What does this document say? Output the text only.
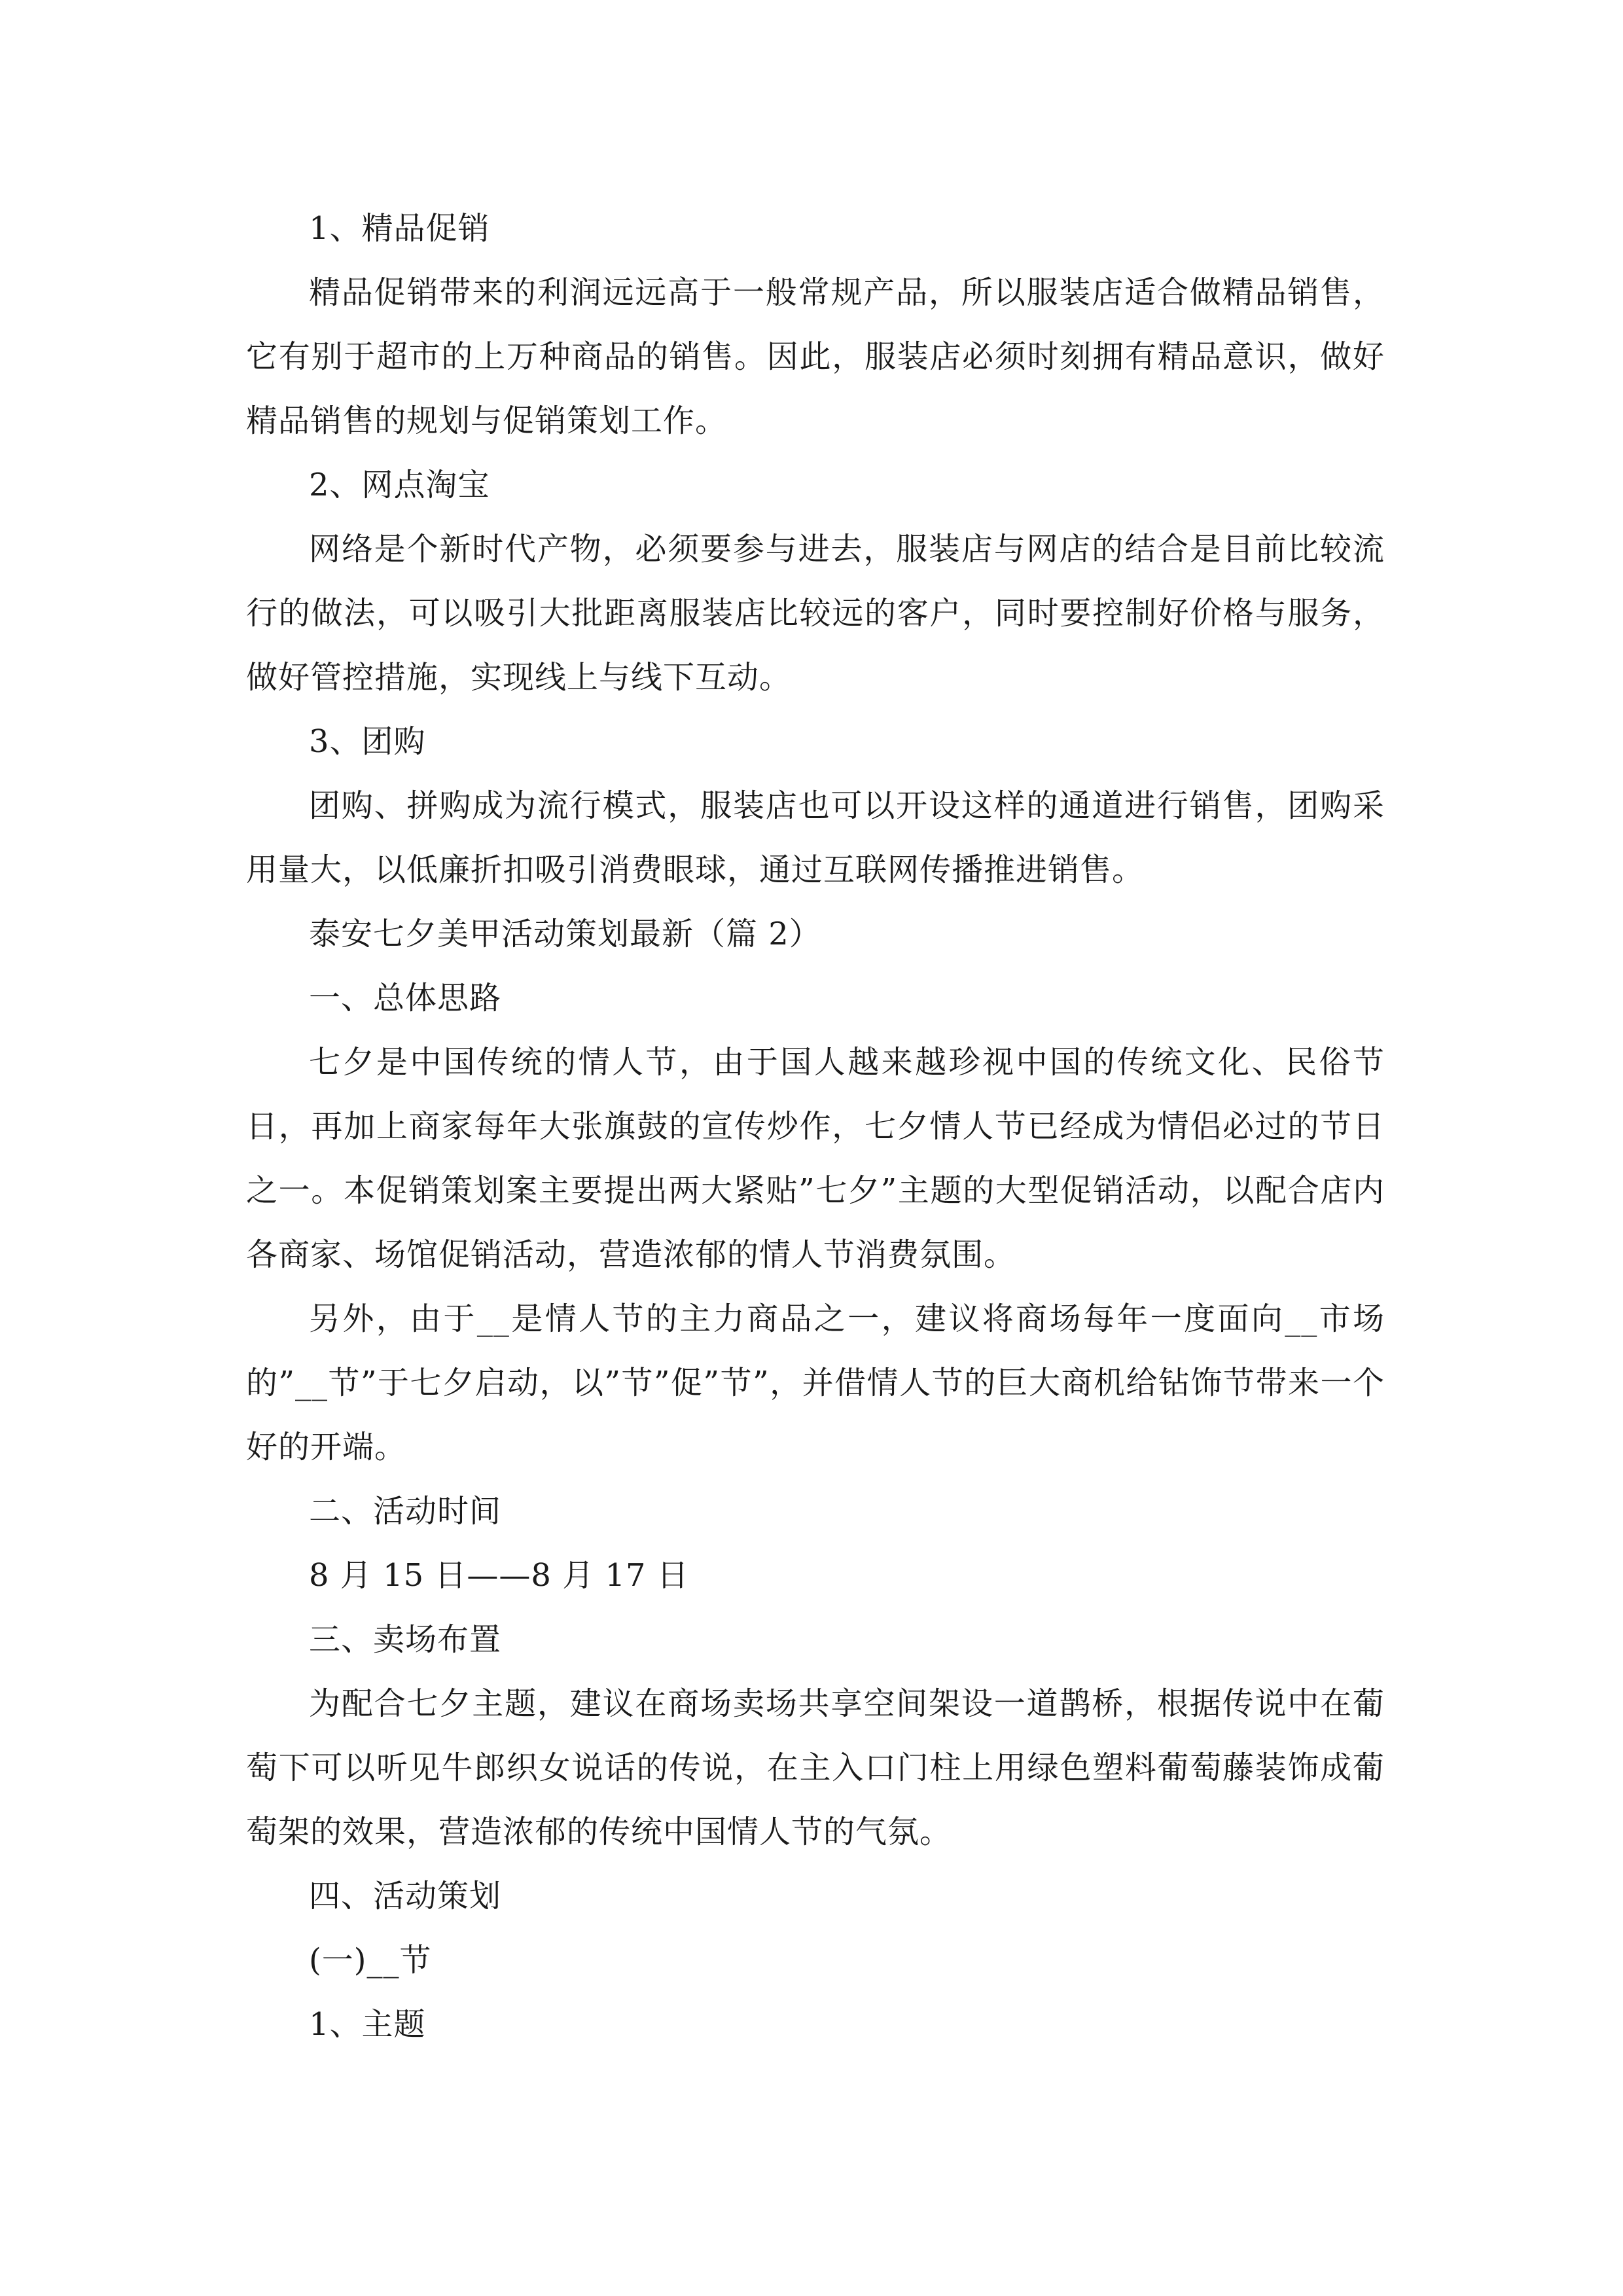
1、精品促销

精品促销带来的利润远远高于一般常规产品，所以服装店适合做精品销售，它有别于超市的上万种商品的销售。因此，服装店必须时刻拥有精品意识，做好精品销售的规划与促销策划工作。

2、网点淘宝

网络是个新时代产物，必须要参与进去，服装店与网店的结合是目前比较流行的做法，可以吸引大批距离服装店比较远的客户，同时要控制好价格与服务，做好管控措施，实现线上与线下互动。

3、团购

团购、拼购成为流行模式，服装店也可以开设这样的通道进行销售，团购采用量大，以低廉折扣吸引消费眼球，通过互联网传播推进销售。

泰安七夕美甲活动策划最新（篇 2）

一、总体思路

七夕是中国传统的情人节，由于国人越来越珍视中国的传统文化、民俗节日，再加上商家每年大张旗鼓的宣传炒作，七夕情人节已经成为情侣必过的节日之一。本促销策划案主要提出两大紧贴”七夕”主题的大型促销活动，以配合店内各商家、场馆促销活动，营造浓郁的情人节消费氛围。

另外，由于__是情人节的主力商品之一，建议将商场每年一度面向__市场的”__节”于七夕启动，以”节”促”节”，并借情人节的巨大商机给钻饰节带来一个好的开端。

二、活动时间

8 月 15 日——8 月 17 日

三、卖场布置

为配合七夕主题，建议在商场卖场共享空间架设一道鹊桥，根据传说中在葡萄下可以听见牛郎织女说话的传说，在主入口门柱上用绿色塑料葡萄藤装饰成葡萄架的效果，营造浓郁的传统中国情人节的气氛。

四、活动策划

(一)__节

1、主题
